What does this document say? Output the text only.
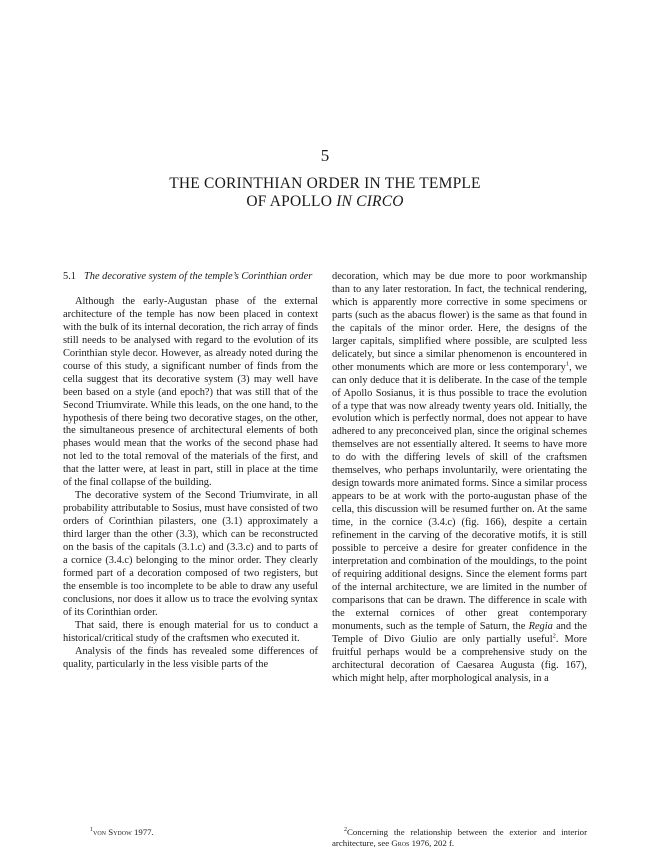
5
THE CORINTHIAN ORDER IN THE TEMPLE
OF APOLLO IN CIRCO
5.1 The decorative system of the temple’s Corinthian order

Although the early-Augustan phase of the external architecture of the temple has now been placed in context with the bulk of its internal decoration, the rich array of finds still needs to be analysed with regard to the evolution of its Corinthian style decor. However, as already noted during the course of this study, a significant number of finds from the cella suggest that its decorative system (3) may well have been based on a style (and epoch?) that was still that of the Second Triumvirate. While this leads, on the one hand, to the hypothesis of there being two decorative stages, on the other, the simultaneous presence of architectural elements of both phases would mean that the works of the second phase had not led to the total removal of the materials of the first, and that the latter were, at least in part, still in place at the time of the final collapse of the building.

The decorative system of the Second Triumvirate, in all probability attributable to Sosius, must have consisted of two orders of Corinthian pilasters, one (3.1) approximately a third larger than the other (3.3), which can be reconstructed on the basis of the capitals (3.1.c) and (3.3.c) and to parts of a cornice (3.4.c) belonging to the minor order. They clearly formed part of a decoration composed of two registers, but the ensemble is too incomplete to be able to draw any useful conclusions, nor does it allow us to trace the evolving syntax of its Corinthian order.

That said, there is enough material for us to conduct a historical/critical study of the craftsmen who executed it.

Analysis of the finds has revealed some differences of quality, particularly in the less visible parts of the

decoration, which may be due more to poor workmanship than to any later restoration. In fact, the technical rendering, which is apparently more corrective in some specimens or parts (such as the abacus flower) is the same as that found in the capitals of the minor order. Here, the designs of the larger capitals, simplified where possible, are sculpted less delicately, but since a similar phenomenon is encountered in other monuments which are more or less contemporary$^1$, we can only deduce that it is deliberate. In the case of the temple of Apollo Sosianus, it is thus possible to trace the evolution of a type that was now already twenty years old. Initially, the evolution which is perfectly normal, does not appear to have adhered to any preconceived plan, since the original schemes themselves are not essentially altered. It seems to have more to do with the differing levels of skill of the craftsmen themselves, who perhaps involuntarily, were orientating the design towards more animated forms. Since a similar process appears to be at work with the porto-augustan phase of the cella, this discussion will be resumed further on. At the same time, in the cornice (3.4.c) (fig. 166), despite a certain refinement in the carving of the decorative motifs, it is still possible to perceive a desire for greater confidence in the interpretation and combination of the mouldings, to the point of requiring additional designs. Since the element forms part of the internal architecture, we are limited in the number of comparisons that can be drawn. The difference in scale with the external cornices of other great contemporary monuments, such as the temple of Saturn, the Regia and the Temple of Divo Giulio are only partially useful$^2$. More fruitful perhaps would be a comprehensive study on the architectural decoration of Caesarea Augusta (fig. 167), which might help, after morphological analysis, in a

$^1$von Sydow 1977.	$^2$Concerning the relationship between the exterior and interior architecture, see Gros 1976, 202 f.
